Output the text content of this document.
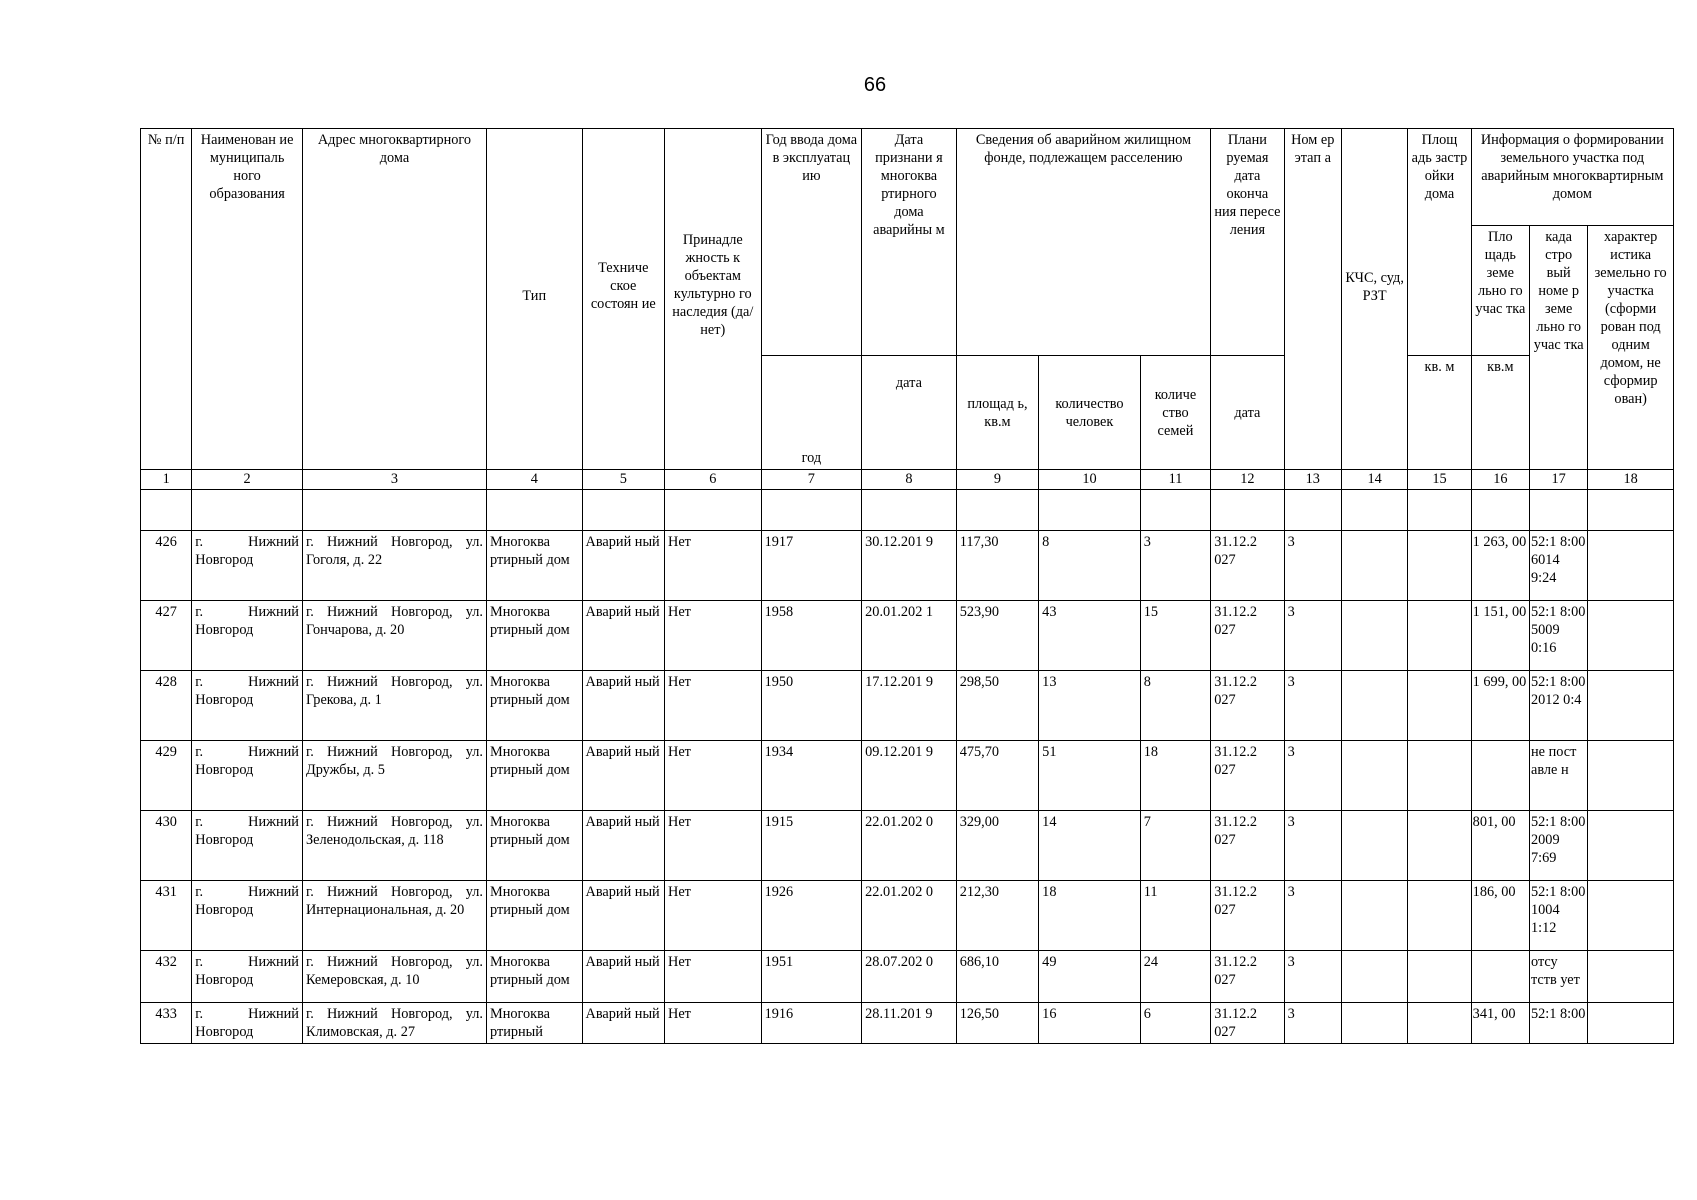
66
№ п/п	Наименован ие муниципаль ного образования	Адрес многоквартирного дома	Тип	Техниче ское состоян ие	Принадле жность к объектам культурно го наследия (да/нет)	Год ввода дома в эксплуатац ию	Дата признани я многоква ртирного дома аварийны м	Сведения об аварийном жилищном фонде, подлежащем расселению			Плани руемая дата оконча ния пересе ления	Ном ер этап а	КЧС, суд, РЗТ	Площ адь застр ойки дома	Информация о формировании земельного участка под аварийным многоквартирным домом		
															Пло щадь земе льно го учас тка	када стро вый номе р земе льно го учас тка	характер истика земельно го участка (сформи рован под одним домом, не сформир ован)
						год	дата	площад ь, кв.м	количество человек	количе ство семей	дата			кв. м	кв.м		
1	2	3	4	5	6	7	8	9	10	11	12	13	14	15	16	17	18

426	г. Нижний Новгород	г. Нижний Новгород, ул. Гоголя, д. 22	Многоква ртирный дом	Аварий ный	Нет	1917	30.12.201 9	117,30	8	3	31.12.2 027	3			1 263, 00	52:1 8:00 6014 9:24	
427	г. Нижний Новгород	г. Нижний Новгород, ул. Гончарова, д. 20	Многоква ртирный дом	Аварий ный	Нет	1958	20.01.202 1	523,90	43	15	31.12.2 027	3			1 151, 00	52:1 8:00 5009 0:16	
428	г. Нижний Новгород	г. Нижний Новгород, ул. Грекова, д. 1	Многоква ртирный дом	Аварий ный	Нет	1950	17.12.201 9	298,50	13	8	31.12.2 027	3			1 699, 00	52:1 8:00 2012 0:4	
429	г. Нижний Новгород	г. Нижний Новгород, ул. Дружбы, д. 5	Многоква ртирный дом	Аварий ный	Нет	1934	09.12.201 9	475,70	51	18	31.12.2 027	3				не пост авле н	
430	г. Нижний Новгород	г. Нижний Новгород, ул. Зеленодольская, д. 118	Многоква ртирный дом	Аварий ный	Нет	1915	22.01.202 0	329,00	14	7	31.12.2 027	3			801, 00	52:1 8:00 2009 7:69	
431	г. Нижний Новгород	г. Нижний Новгород, ул. Интернациональная, д. 20	Многоква ртирный дом	Аварий ный	Нет	1926	22.01.202 0	212,30	18	11	31.12.2 027	3			186, 00	52:1 8:00 1004 1:12	
432	г. Нижний Новгород	г. Нижний Новгород, ул. Кемеровская, д. 10	Многоква ртирный дом	Аварий ный	Нет	1951	28.07.202 0	686,10	49	24	31.12.2 027	3				отсу тств ует	
433	г. Нижний Новгород	г. Нижний Новгород, ул. Климовская, д. 27	Многоква ртирный	Аварий ный	Нет	1916	28.11.201 9	126,50	16	6	31.12.2 027	3			341, 00	52:1 8:00	
